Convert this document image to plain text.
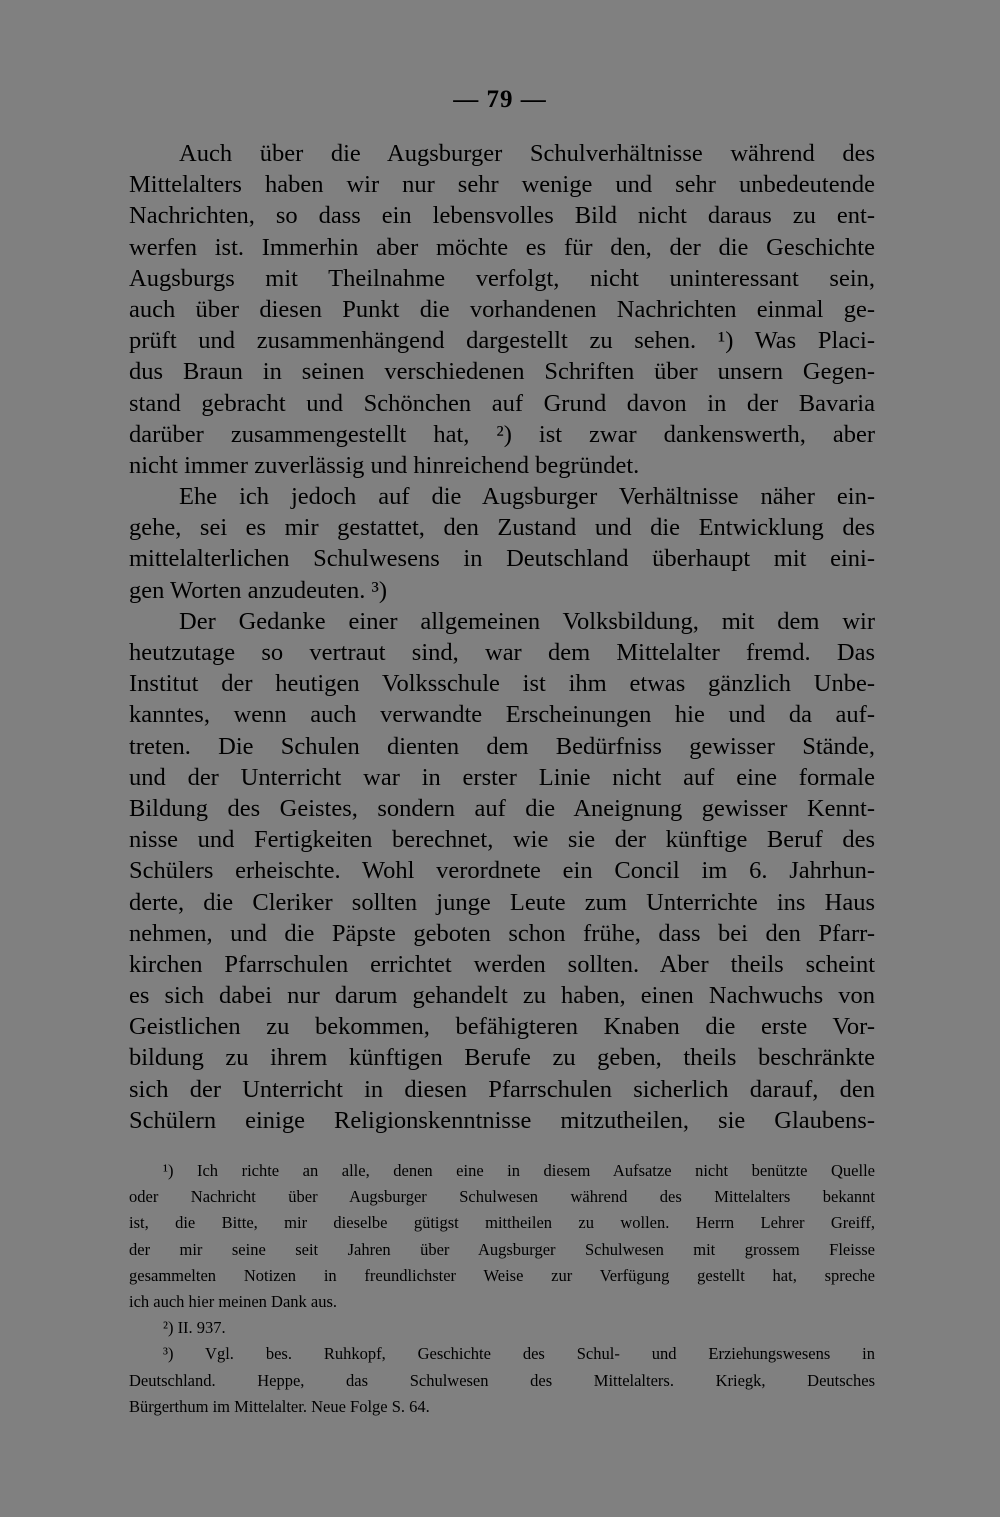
— 79 —
Auch über die Augsburger Schulverhältnisse während des
Mittelalters haben wir nur sehr wenige und sehr unbedeutende
Nachrichten, so dass ein lebensvolles Bild nicht daraus zu ent-
werfen ist. Immerhin aber möchte es für den, der die Geschichte
Augsburgs mit Theilnahme verfolgt, nicht uninteressant sein,
auch über diesen Punkt die vorhandenen Nachrichten einmal ge-
prüft und zusammenhängend dargestellt zu sehen. ¹) Was Placi-
dus Braun in seinen verschiedenen Schriften über unsern Gegen-
stand gebracht und Schönchen auf Grund davon in der Bavaria
darüber zusammengestellt hat, ²) ist zwar dankenswerth, aber
nicht immer zuverlässig und hinreichend begründet.
Ehe ich jedoch auf die Augsburger Verhältnisse näher ein-
gehe, sei es mir gestattet, den Zustand und die Entwicklung des
mittelalterlichen Schulwesens in Deutschland überhaupt mit eini-
gen Worten anzudeuten. ³)
Der Gedanke einer allgemeinen Volksbildung, mit dem wir
heutzutage so vertraut sind, war dem Mittelalter fremd. Das
Institut der heutigen Volksschule ist ihm etwas gänzlich Unbe-
kanntes, wenn auch verwandte Erscheinungen hie und da auf-
treten. Die Schulen dienten dem Bedürfniss gewisser Stände,
und der Unterricht war in erster Linie nicht auf eine formale
Bildung des Geistes, sondern auf die Aneignung gewisser Kennt-
nisse und Fertigkeiten berechnet, wie sie der künftige Beruf des
Schülers erheischte. Wohl verordnete ein Concil im 6. Jahrhun-
derte, die Cleriker sollten junge Leute zum Unterrichte ins Haus
nehmen, und die Päpste geboten schon frühe, dass bei den Pfarr-
kirchen Pfarrschulen errichtet werden sollten. Aber theils scheint
es sich dabei nur darum gehandelt zu haben, einen Nachwuchs von
Geistlichen zu bekommen, befähigteren Knaben die erste Vor-
bildung zu ihrem künftigen Berufe zu geben, theils beschränkte
sich der Unterricht in diesen Pfarrschulen sicherlich darauf, den
Schülern einige Religionskenntnisse mitzutheilen, sie Glaubens-
¹) Ich richte an alle, denen eine in diesem Aufsatze nicht benützte Quelle
oder Nachricht über Augsburger Schulwesen während des Mittelalters bekannt
ist, die Bitte, mir dieselbe gütigst mittheilen zu wollen. Herrn Lehrer Greiff,
der mir seine seit Jahren über Augsburger Schulwesen mit grossem Fleisse
gesammelten Notizen in freundlichster Weise zur Verfügung gestellt hat, spreche
ich auch hier meinen Dank aus.
²) II. 937.
³) Vgl. bes. Ruhkopf, Geschichte des Schul- und Erziehungswesens in
Deutschland. Heppe, das Schulwesen des Mittelalters. Kriegk, Deutsches
Bürgerthum im Mittelalter. Neue Folge S. 64.
